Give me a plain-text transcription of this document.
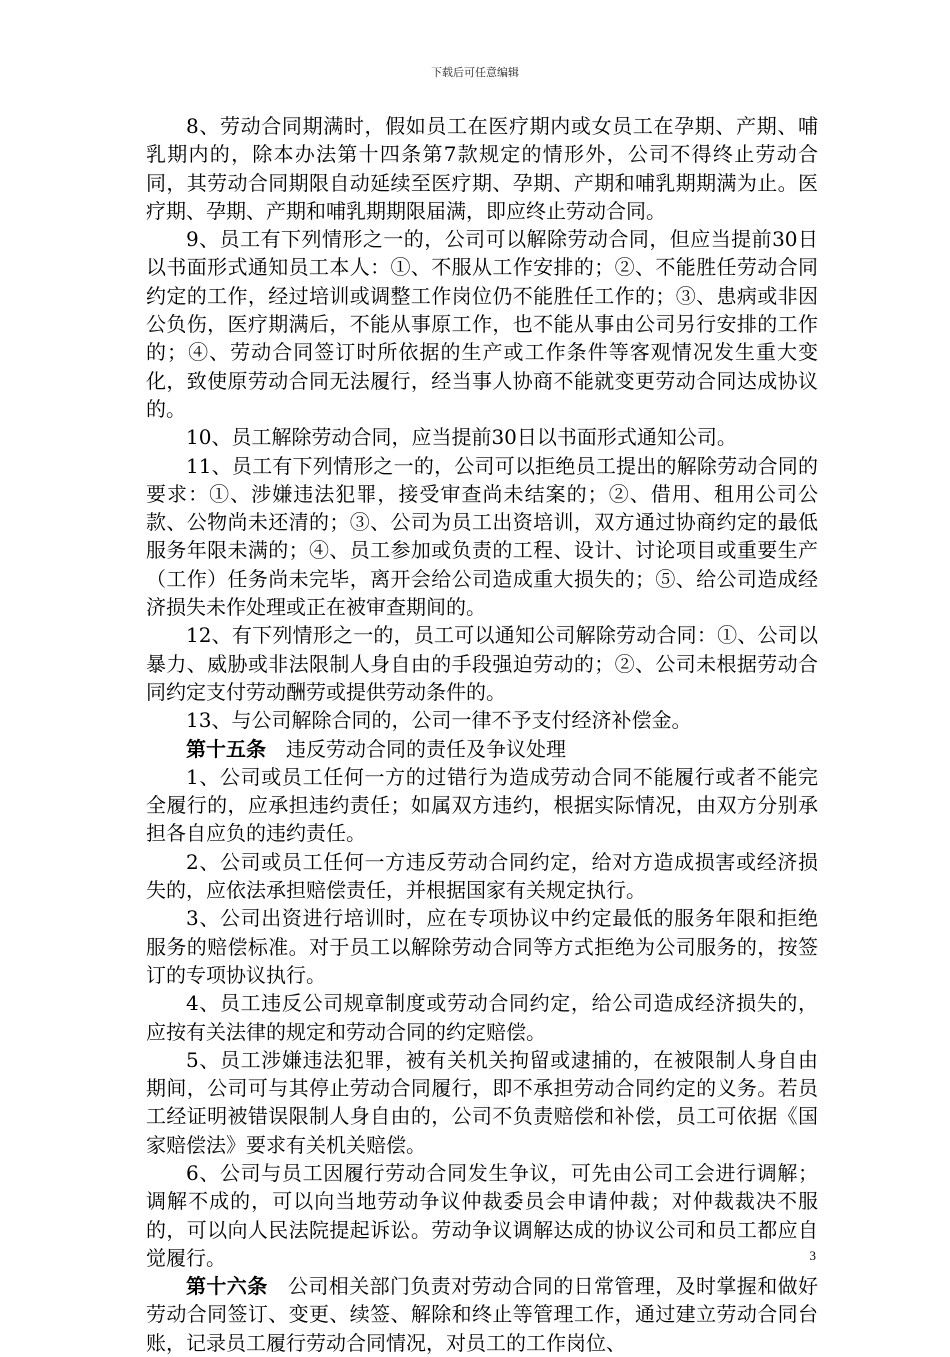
下载后可任意编辑

8、劳动合同期满时，假如员工在医疗期内或女员工在孕期、产期、哺乳期内的，除本办法第十四条第7款规定的情形外，公司不得终止劳动合同，其劳动合同期限自动延续至医疗期、孕期、产期和哺乳期期满为止。医疗期、孕期、产期和哺乳期期限届满，即应终止劳动合同。

9、员工有下列情形之一的，公司可以解除劳动合同，但应当提前30日以书面形式通知员工本人：①、不服从工作安排的；②、不能胜任劳动合同约定的工作，经过培训或调整工作岗位仍不能胜任工作的；③、患病或非因公负伤，医疗期满后，不能从事原工作，也不能从事由公司另行安排的工作的；④、劳动合同签订时所依据的生产或工作条件等客观情况发生重大变化，致使原劳动合同无法履行，经当事人协商不能就变更劳动合同达成协议的。

10、员工解除劳动合同，应当提前30日以书面形式通知公司。

11、员工有下列情形之一的，公司可以拒绝员工提出的解除劳动合同的要求：①、涉嫌违法犯罪，接受审查尚未结案的；②、借用、租用公司公款、公物尚未还清的；③、公司为员工出资培训，双方通过协商约定的最低服务年限未满的；④、员工参加或负责的工程、设计、讨论项目或重要生产（工作）任务尚未完毕，离开会给公司造成重大损失的；⑤、给公司造成经济损失未作处理或正在被审查期间的。

12、有下列情形之一的，员工可以通知公司解除劳动合同：①、公司以暴力、威胁或非法限制人身自由的手段强迫劳动的；②、公司未根据劳动合同约定支付劳动酬劳或提供劳动条件的。

13、与公司解除合同的，公司一律不予支付经济补偿金。

第十五条 违反劳动合同的责任及争议处理

1、公司或员工任何一方的过错行为造成劳动合同不能履行或者不能完全履行的，应承担违约责任；如属双方违约，根据实际情况，由双方分别承担各自应负的违约责任。

2、公司或员工任何一方违反劳动合同约定，给对方造成损害或经济损失的，应依法承担赔偿责任，并根据国家有关规定执行。

3、公司出资进行培训时，应在专项协议中约定最低的服务年限和拒绝服务的赔偿标准。对于员工以解除劳动合同等方式拒绝为公司服务的，按签订的专项协议执行。

4、员工违反公司规章制度或劳动合同约定，给公司造成经济损失的，应按有关法律的规定和劳动合同的约定赔偿。

5、员工涉嫌违法犯罪，被有关机关拘留或逮捕的，在被限制人身自由期间，公司可与其停止劳动合同履行，即不承担劳动合同约定的义务。若员工经证明被错误限制人身自由的，公司不负责赔偿和补偿，员工可依据《国家赔偿法》要求有关机关赔偿。

6、公司与员工因履行劳动合同发生争议，可先由公司工会进行调解；调解不成的，可以向当地劳动争议仲裁委员会申请仲裁；对仲裁裁决不服的，可以向人民法院提起诉讼。劳动争议调解达成的协议公司和员工都应自觉履行。

第十六条 公司相关部门负责对劳动合同的日常管理，及时掌握和做好劳动合同签订、变更、续签、解除和终止等管理工作，通过建立劳动合同台账，记录员工履行劳动合同情况，对员工的工作岗位、

3
